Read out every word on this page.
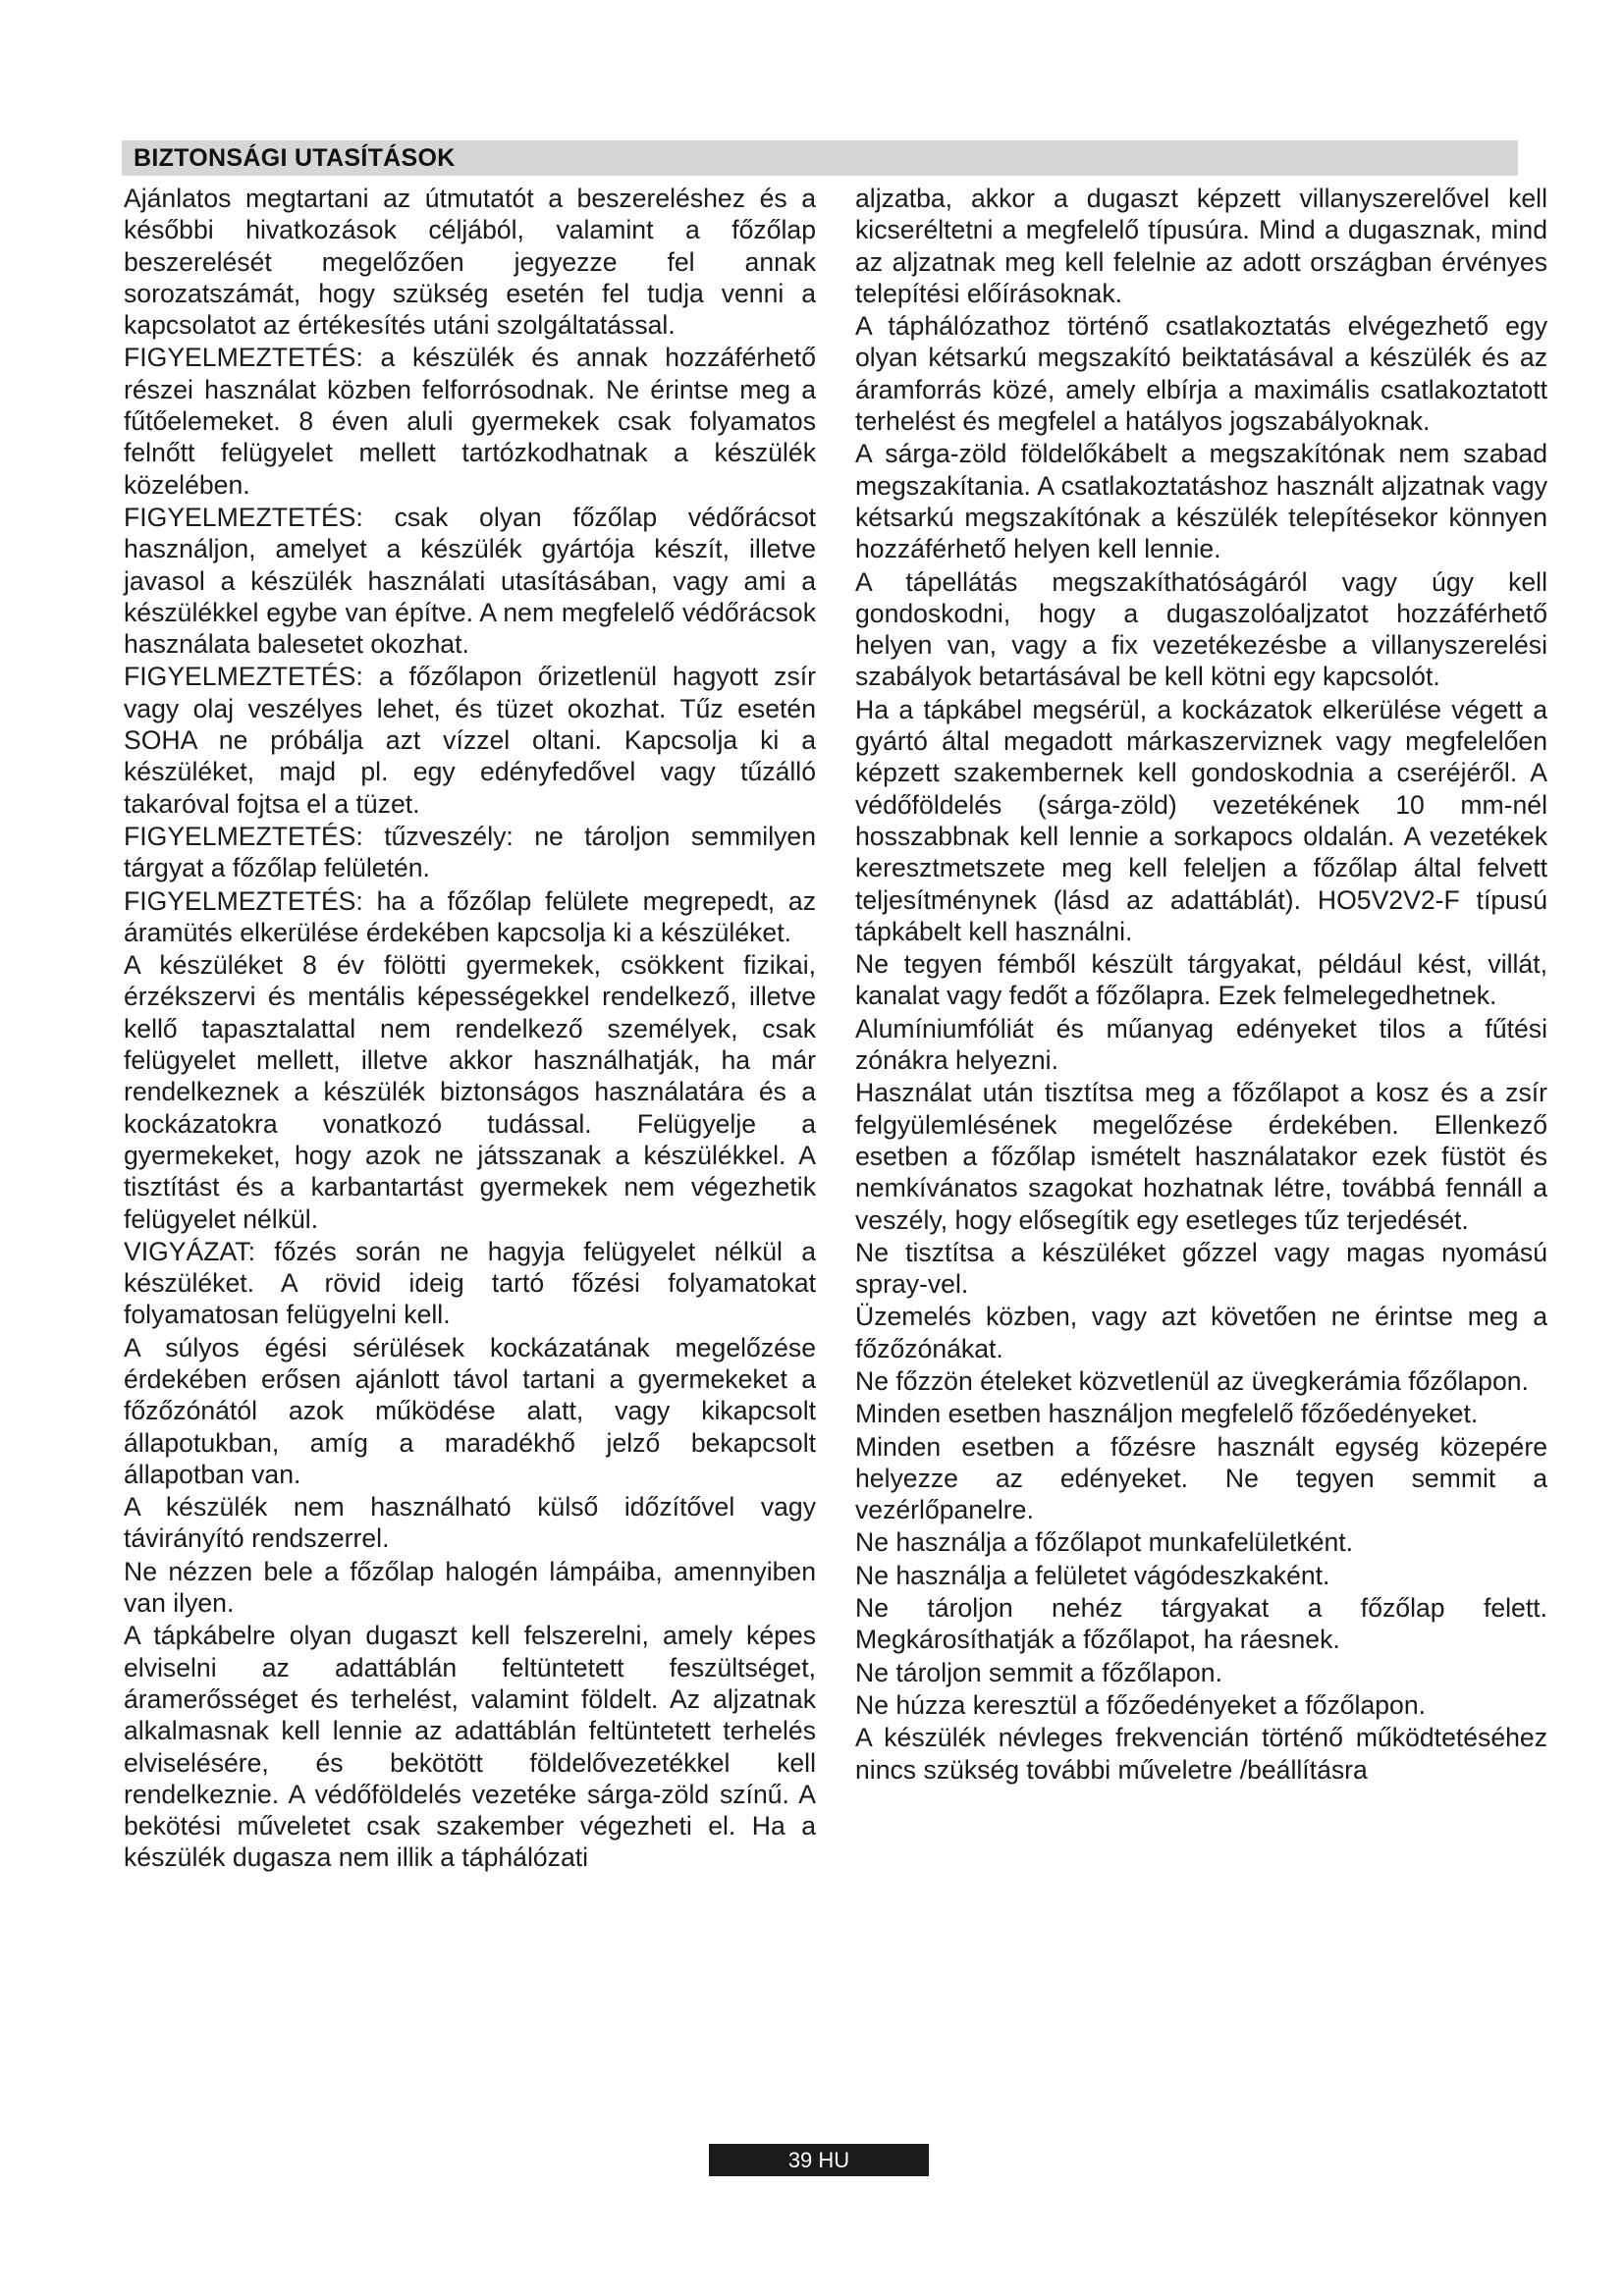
BIZTONSÁGI UTASÍTÁSOK

Ajánlatos megtartani az útmutatót a beszereléshez és a későbbi hivatkozások céljából, valamint a főzőlap beszerelését megelőzően jegyezze fel annak sorozatszámát, hogy szükség esetén fel tudja venni a kapcsolatot az értékesítés utáni szolgáltatással.

FIGYELMEZTETÉS: a készülék és annak hozzáférhető részei használat közben felforrósodnak. Ne érintse meg a fűtőelemeket. 8 éven aluli gyermekek csak folyamatos felnőtt felügyelet mellett tartózkodhatnak a készülék közelében.

FIGYELMEZTETÉS: csak olyan főzőlap védőrácsot használjon, amelyet a készülék gyártója készít, illetve javasol a készülék használati utasításában, vagy ami a készülékkel egybe van építve. A nem megfelelő védőrácsok használata balesetet okozhat.

FIGYELMEZTETÉS: a főzőlapon őrizetlenül hagyott zsír vagy olaj veszélyes lehet, és tüzet okozhat. Tűz esetén SOHA ne próbálja azt vízzel oltani. Kapcsolja ki a készüléket, majd pl. egy edényfedővel vagy tűzálló takaróval fojtsa el a tüzet.

FIGYELMEZTETÉS: tűzveszély: ne tároljon semmilyen tárgyat a főzőlap felületén.

FIGYELMEZTETÉS: ha a főzőlap felülete megrepedt, az áramütés elkerülése érdekében kapcsolja ki a készüléket.

A készüléket 8 év fölötti gyermekek, csökkent fizikai, érzékszervi és mentális képességekkel rendelkező, illetve kellő tapasztalattal nem rendelkező személyek, csak felügyelet mellett, illetve akkor használhatják, ha már rendelkeznek a készülék biztonságos használatára és a kockázatokra vonatkozó tudással. Felügyelje a gyermekeket, hogy azok ne játsszanak a készülékkel. A tisztítást és a karbantartást gyermekek nem végezhetik felügyelet nélkül.

VIGYÁZAT: főzés során ne hagyja felügyelet nélkül a készüléket. A rövid ideig tartó főzési folyamatokat folyamatosan felügyelni kell.

A súlyos égési sérülések kockázatának megelőzése érdekében erősen ajánlott távol tartani a gyermekeket a főzőzónától azok működése alatt, vagy kikapcsolt állapotukban, amíg a maradékhő jelző bekapcsolt állapotban van.

A készülék nem használható külső időzítővel vagy távirányító rendszerrel.

Ne nézzen bele a főzőlap halogén lámpáiba, amennyiben van ilyen.

A tápkábelre olyan dugaszt kell felszerelni, amely képes elviselni az adattáblán feltüntetett feszültséget, áramerősséget és terhelést, valamint földelt. Az aljzatnak alkalmasnak kell lennie az adattáblán feltüntetett terhelés elviselésére, és bekötött földelővezetékkel kell rendelkeznie. A védőföldelés vezetéke sárga-zöld színű. A bekötési műveletet csak szakember végezheti el. Ha a készülék dugasza nem illik a táphálózati

aljzatba, akkor a dugaszt képzett villanyszerelővel kell kicseréltetni a megfelelő típusúra. Mind a dugasznak, mind az aljzatnak meg kell felelnie az adott országban érvényes telepítési előírásoknak.

A táphálózathoz történő csatlakoztatás elvégezhető egy olyan kétsarkú megszakító beiktatásával a készülék és az áramforrás közé, amely elbírja a maximális csatlakoztatott terhelést és megfelel a hatályos jogszabályoknak.

A sárga-zöld földelőkábelt a megszakítónak nem szabad megszakítania. A csatlakoztatáshoz használt aljzatnak vagy kétsarkú megszakítónak a készülék telepítésekor könnyen hozzáférhető helyen kell lennie.

A tápellátás megszakíthatóságáról vagy úgy kell gondoskodni, hogy a dugaszolóaljzatot hozzáférhető helyen van, vagy a fix vezetékezésbe a villanyszerelési szabályok betartásával be kell kötni egy kapcsolót.

Ha a tápkábel megsérül, a kockázatok elkerülése végett a gyártó által megadott márkaszerviznek vagy megfelelően képzett szakembernek kell gondoskodnia a cseréjéről. A védőföldelés (sárga-zöld) vezetékének 10 mm-nél hosszabbnak kell lennie a sorkapocs oldalán. A vezetékek keresztmetszete meg kell feleljen a főzőlap által felvett teljesítménynek (lásd az adattáblát). HO5V2V2-F típusú tápkábelt kell használni.

Ne tegyen fémből készült tárgyakat, például kést, villát, kanalat vagy fedőt a főzőlapra. Ezek felmelegedhetnek.

Alumíniumfóliát és műanyag edényeket tilos a fűtési zónákra helyezni.

Használat után tisztítsa meg a főzőlapot a kosz és a zsír felgyülemlésének megelőzése érdekében. Ellenkező esetben a főzőlap ismételt használatakor ezek füstöt és nemkívánatos szagokat hozhatnak létre, továbbá fennáll a veszély, hogy elősegítik egy esetleges tűz terjedését.

Ne tisztítsa a készüléket gőzzel vagy magas nyomású spray-vel.

Üzemelés közben, vagy azt követően ne érintse meg a főzőzónákat.

Ne főzzön ételeket közvetlenül az üvegkerámia főzőlapon.

Minden esetben használjon megfelelő főzőedényeket.

Minden esetben a főzésre használt egység közepére helyezze az edényeket. Ne tegyen semmit a vezérlőpanelre.

Ne használja a főzőlapot munkafelületként.

Ne használja a felületet vágódeszkaként.

Ne tároljon nehéz tárgyakat a főzőlap felett. Megkárosíthatják a főzőlapot, ha ráesnek.

Ne tároljon semmit a főzőlapon.

Ne húzza keresztül a főzőedényeket a főzőlapon.

A készülék névleges frekvencián történő működtetéséhez nincs szükség további műveletre /beállításra

39 HU
